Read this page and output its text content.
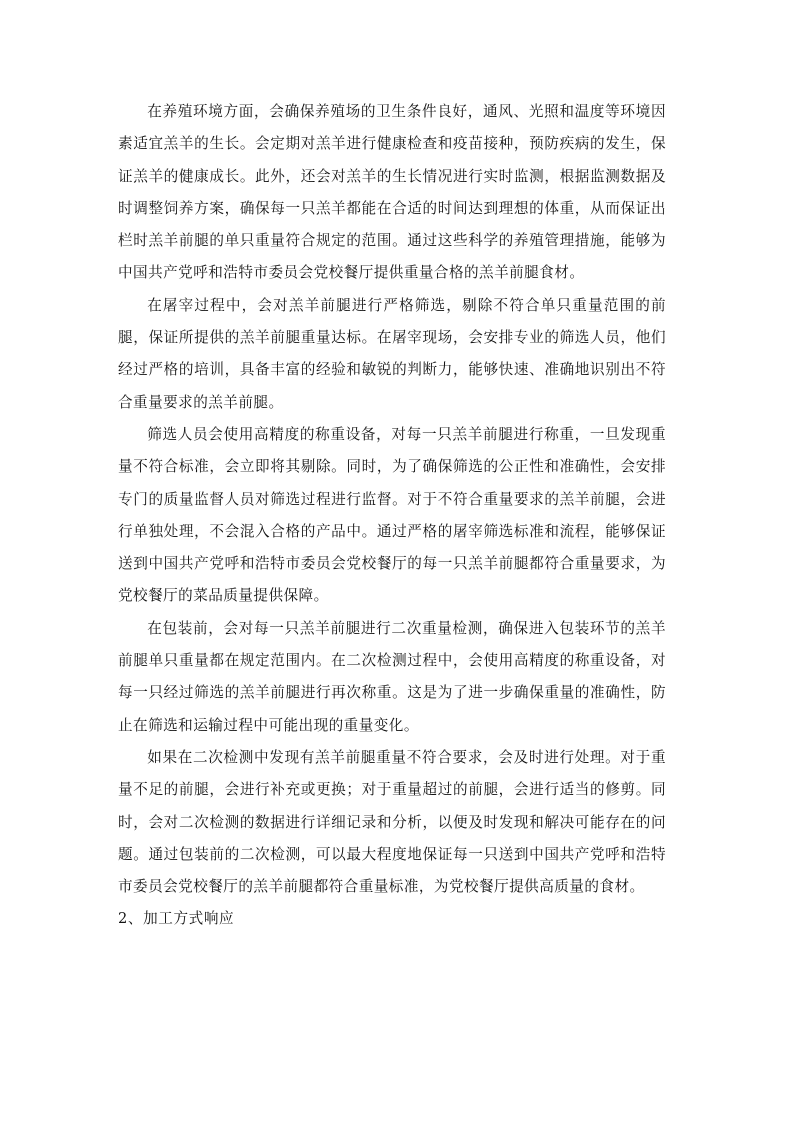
在养殖环境方面，会确保养殖场的卫生条件良好，通风、光照和温度等环境因素适宜羔羊的生长。会定期对羔羊进行健康检查和疫苗接种，预防疾病的发生，保证羔羊的健康成长。此外，还会对羔羊的生长情况进行实时监测，根据监测数据及时调整饲养方案，确保每一只羔羊都能在合适的时间达到理想的体重，从而保证出栏时羔羊前腿的单只重量符合规定的范围。通过这些科学的养殖管理措施，能够为中国共产党呼和浩特市委员会党校餐厅提供重量合格的羔羊前腿食材。

在屠宰过程中，会对羔羊前腿进行严格筛选，剔除不符合单只重量范围的前腿，保证所提供的羔羊前腿重量达标。在屠宰现场，会安排专业的筛选人员，他们经过严格的培训，具备丰富的经验和敏锐的判断力，能够快速、准确地识别出不符合重量要求的羔羊前腿。

筛选人员会使用高精度的称重设备，对每一只羔羊前腿进行称重，一旦发现重量不符合标准，会立即将其剔除。同时，为了确保筛选的公正性和准确性，会安排专门的质量监督人员对筛选过程进行监督。对于不符合重量要求的羔羊前腿，会进行单独处理，不会混入合格的产品中。通过严格的屠宰筛选标准和流程，能够保证送到中国共产党呼和浩特市委员会党校餐厅的每一只羔羊前腿都符合重量要求，为党校餐厅的菜品质量提供保障。

在包装前，会对每一只羔羊前腿进行二次重量检测，确保进入包装环节的羔羊前腿单只重量都在规定范围内。在二次检测过程中，会使用高精度的称重设备，对每一只经过筛选的羔羊前腿进行再次称重。这是为了进一步确保重量的准确性，防止在筛选和运输过程中可能出现的重量变化。

如果在二次检测中发现有羔羊前腿重量不符合要求，会及时进行处理。对于重量不足的前腿，会进行补充或更换；对于重量超过的前腿，会进行适当的修剪。同时，会对二次检测的数据进行详细记录和分析，以便及时发现和解决可能存在的问题。通过包装前的二次检测，可以最大程度地保证每一只送到中国共产党呼和浩特市委员会党校餐厅的羔羊前腿都符合重量标准，为党校餐厅提供高质量的食材。

2、加工方式响应
